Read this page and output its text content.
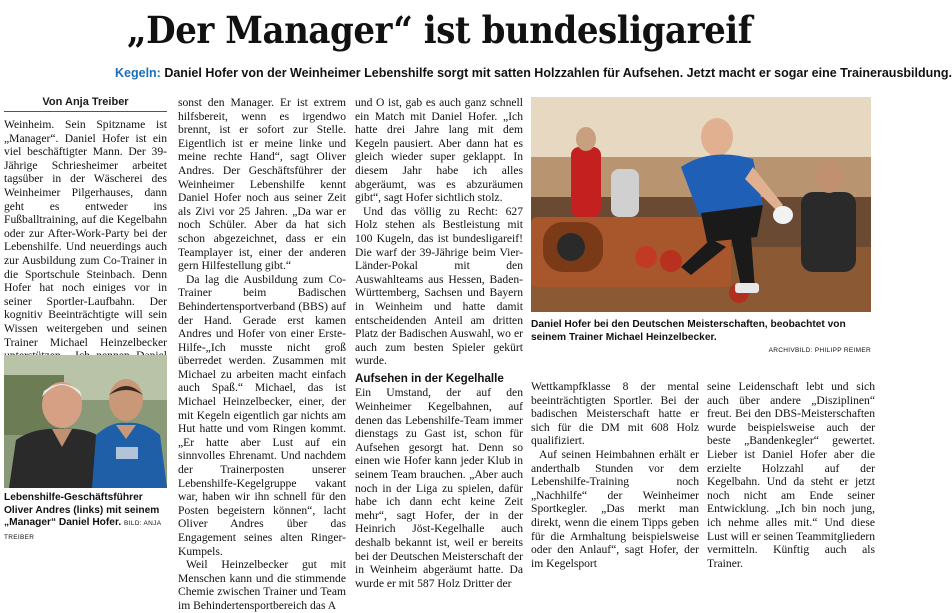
„Der Manager“ ist bundesligareif
Kegeln: Daniel Hofer von der Weinheimer Lebenshilfe sorgt mit satten Holzzahlen für Aufsehen. Jetzt macht er sogar eine Trainerausbildung.
Von Anja Treiber

Weinheim. Sein Spitzname ist „Manager“. Daniel Hofer ist ein viel beschäftigter Mann. Der 39-Jährige Schriesheimer arbeitet tagsüber in der Wäscherei des Weinheimer Pilgerhauses, dann geht es entweder ins Fußballtraining, auf die Kegelbahn oder zur After-Work-Party bei der Lebenshilfe. Und neuerdings auch zur Ausbildung zum Co-Trainer in die Sportschule Steinbach. Denn Hofer hat noch einiges vor in seiner Sportler-Laufbahn. Der kognitiv Beeinträchtigte will sein Wissen weitergeben und seinen Trainer Michael Heinzelbecker

Lebenshilfe-Geschäftsführer Oliver Andres (links) mit seinem „Manager“ Daniel Hofer. BILD: ANJA TREIBER

sonst den Manager. Er ist extrem hilfsbereit, wenn es irgendwo brennt, ist er sofort zur Stelle. Eigentlich ist er meine linke und meine rechte Hand“, sagt Oliver Andres. Der Geschäftsführer der Weinheimer Lebenshilfe kennt Daniel Hofer noch aus seiner Zeit als Zivi vor 25 Jahren. „Da war er noch Schüler. Aber da hat sich schon abgezeichnet, dass er ein Teamplayer ist, einer der anderen gern Hilfestellung gibt.“

Da lag die Ausbildung zum Co-Trainer beim Badischen Behindertensportverband (BBS) auf der Hand. Gerade erst kamen Andres und Hofer von einer Erste-Hilfe-„Ich musste nicht groß überredet werden. Zusammen mit Michael zu arbeiten macht einfach auch Spaß.“ Michael, das ist Michael Heinzelbecker, einer, der mit Kegeln eigentlich gar nichts am Hut hatte und vom Ringen kommt. „Er hatte aber Lust auf ein sinnvolles Ehrenamt. Und nachdem der Trainerposten unserer Lebenshilfe-Kegelgruppe vakant war, haben wir ihn schnell für den Posten begeistern können“, lacht Oliver Andres über das Engagement seines alten Ringer-Kumpels.

Weil Heinzelbecker gut mit Menschen kann und die stimmende Chemie zwischen Trainer und Team im Behindertensportbereich das A

und O ist, gab es auch ganz schnell ein Match mit Daniel Hofer. „Ich hatte drei Jahre lang mit dem Kegeln pausiert. Aber dann hat es gleich wieder super geklappt. In diesem Jahr habe ich alles abgeräumt, was es abzuräumen gibt“, sagt Hofer sichtlich stolz.

Und das völlig zu Recht: 627 Holz stehen als Bestleistung mit 100 Kugeln, das ist bundesligareif! Die warf der 39-Jährige beim Vier-Länder-Pokal mit den Auswahlteams aus Hessen, Baden-Württemberg, Sachsen und Bayern in Weinheim und hatte damit entscheidenden Anteil am dritten Platz der Badischen Auswahl, wo er auch zum besten Spieler gekürt wurde.

Aufsehen in der Kegelhalle

Ein Umstand, der auf den Weinheimer Kegelbahnen, auf denen das Lebenshilfe-Team immer dienstags zu Gast ist, schon für Aufsehen gesorgt hat. Denn so einen wie Hofer kann jeder Klub in seinem Team brauchen. „Aber auch noch in der Liga zu spielen, dafür habe ich dann echt keine Zeit mehr“, sagt Hofer, der in der Heinrich Jöst-Kegelhalle auch deshalb bekannt ist, weil er bereits bei der Deutschen Meisterschaft der in Weinheim abgeräumt hatte. Da wurde er mit 587 Holz Dritter der

Daniel Hofer bei den Deutschen Meisterschaften, beobachtet von seinem Trainer Michael Heinzelbecker.
ARCHIVBILD: PHILIPP REIMER

Wettkampfklasse 8 der mental beeinträchtigten Sportler. Bei der badischen Meisterschaft hatte er sich für die DM mit 608 Holz qualifiziert.

Auf seinen Heimbahnen erhält er anderthalb Stunden vor dem Lebenshilfe-Training noch „Nachhilfe“ der Weinheimer Sportkegler. „Das merkt man direkt, wenn die einem Tipps geben für die Armhaltung beispielsweise oder den Anlauf“, sagt Hofer, der im Kegelsport

seine Leidenschaft lebt und sich auch über andere „Disziplinen“ freut. Bei den DBS-Meisterschaften wurde beispielsweise auch der beste „Bandenkegler“ gewertet. Lieber ist Daniel Hofer aber die erzielte Holzzahl auf der Kegelbahn. Und da steht er jetzt noch nicht am Ende seiner Entwicklung. „Ich bin noch jung, ich nehme alles mit.“ Und diese Lust will er seinen Teammitgliedern vermitteln. Künftig auch als Trainer.
